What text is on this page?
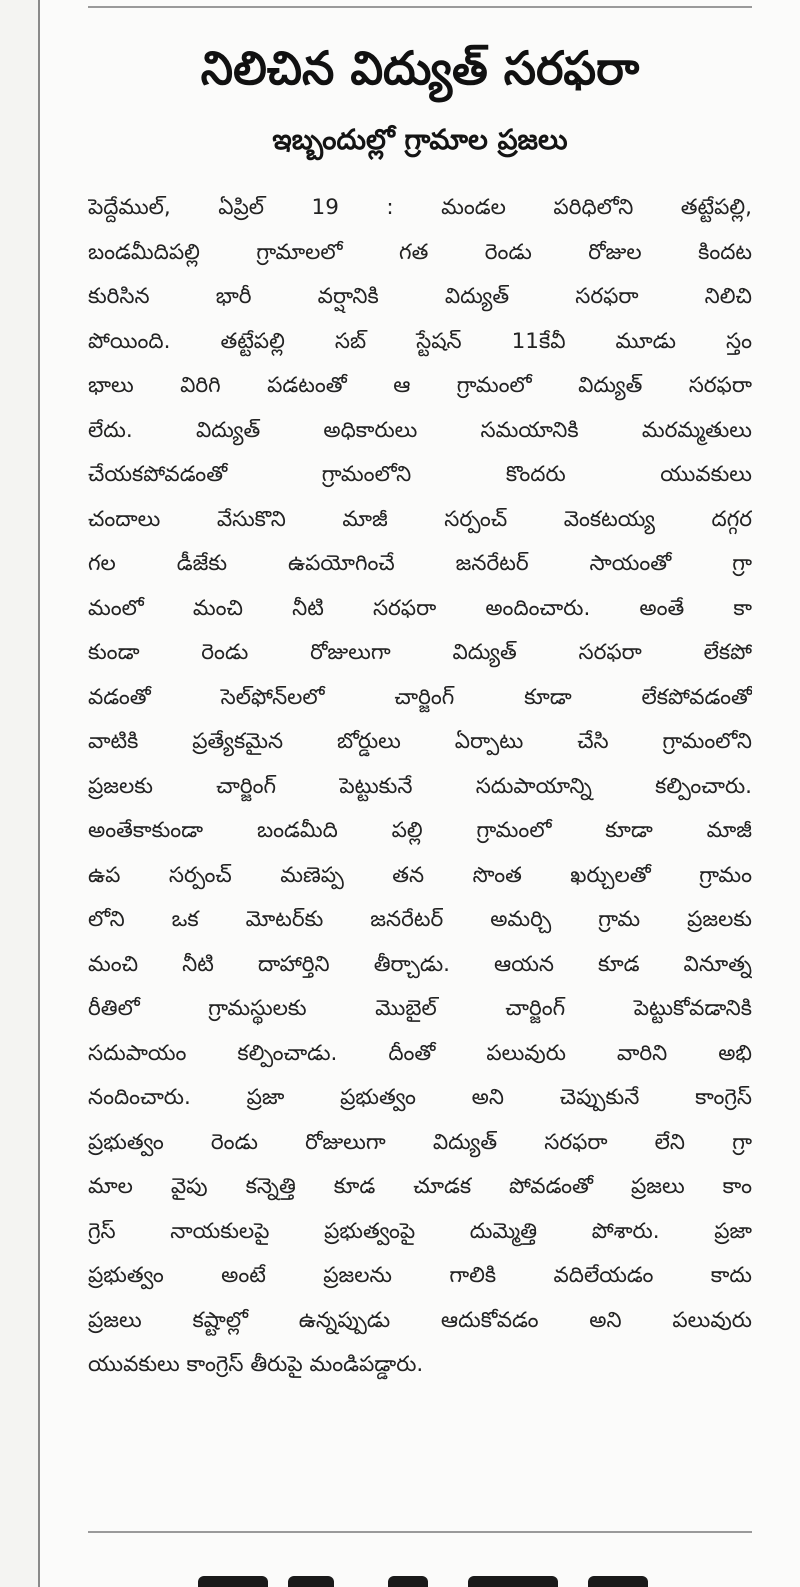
నిలిచిన విద్యుత్ సరఫరా
ఇబ్బందుల్లో గ్రామాల ప్రజలు
పెద్దేముల్, ఏప్రిల్ 19 : మండల పరిధిలోని తట్టేపల్లి,
బండమీదిపల్లి గ్రామాలలో గత రెండు రోజుల కిందట
కురిసిన భారీ వర్షానికి విద్యుత్ సరఫరా నిలిచి
పోయింది. తట్టేపల్లి సబ్ స్టేషన్ 11కేవీ మూడు స్తం
భాలు విరిగి పడటంతో ఆ గ్రామంలో విద్యుత్ సరఫరా
లేదు. విద్యుత్ అధికారులు సమయానికి మరమ్మతులు
చేయకపోవడంతో గ్రామంలోని కొందరు యువకులు
చందాలు వేసుకొని మాజీ సర్పంచ్ వెంకటయ్య దగ్గర
గల డీజేకు ఉపయోగించే జనరేటర్ సాయంతో గ్రా
మంలో మంచి నీటి సరఫరా అందించారు. అంతే కా
కుండా రెండు రోజులుగా విద్యుత్ సరఫరా లేకపో
వడంతో సెల్‌ఫోన్‌లలో చార్జింగ్ కూడా లేకపోవడంతో
వాటికి ప్రత్యేకమైన బోర్డులు ఏర్పాటు చేసి గ్రామంలోని
ప్రజలకు చార్జింగ్ పెట్టుకునే సదుపాయాన్ని కల్పించారు.
అంతేకాకుండా బండమీది పల్లి గ్రామంలో కూడా మాజీ
ఉప సర్పంచ్ మణెప్ప తన సొంత ఖర్చులతో గ్రామం
లోని ఒక మోటర్‌కు జనరేటర్ అమర్చి గ్రామ ప్రజలకు
మంచి నీటి దాహార్తిని తీర్చాడు. ఆయన కూడ వినూత్న
రీతిలో గ్రామస్థులకు మొబైల్ చార్జింగ్ పెట్టుకోవడానికి
సదుపాయం కల్పించాడు. దీంతో పలువురు వారిని అభి
నందించారు. ప్రజా ప్రభుత్వం అని చెప్పుకునే కాంగ్రెస్
ప్రభుత్వం రెండు రోజులుగా విద్యుత్ సరఫరా లేని గ్రా
మాల వైపు కన్నెత్తి కూడ చూడక పోవడంతో ప్రజలు కాం
గ్రెస్ నాయకులపై ప్రభుత్వంపై దుమ్మెత్తి పోశారు. ప్రజా
ప్రభుత్వం అంటే ప్రజలను గాలికి వదిలేయడం కాదు
ప్రజలు కష్టాల్లో ఉన్నప్పుడు ఆదుకోవడం అని పలువురు
యువకులు కాంగ్రెస్ తీరుపై మండిపడ్డారు.
